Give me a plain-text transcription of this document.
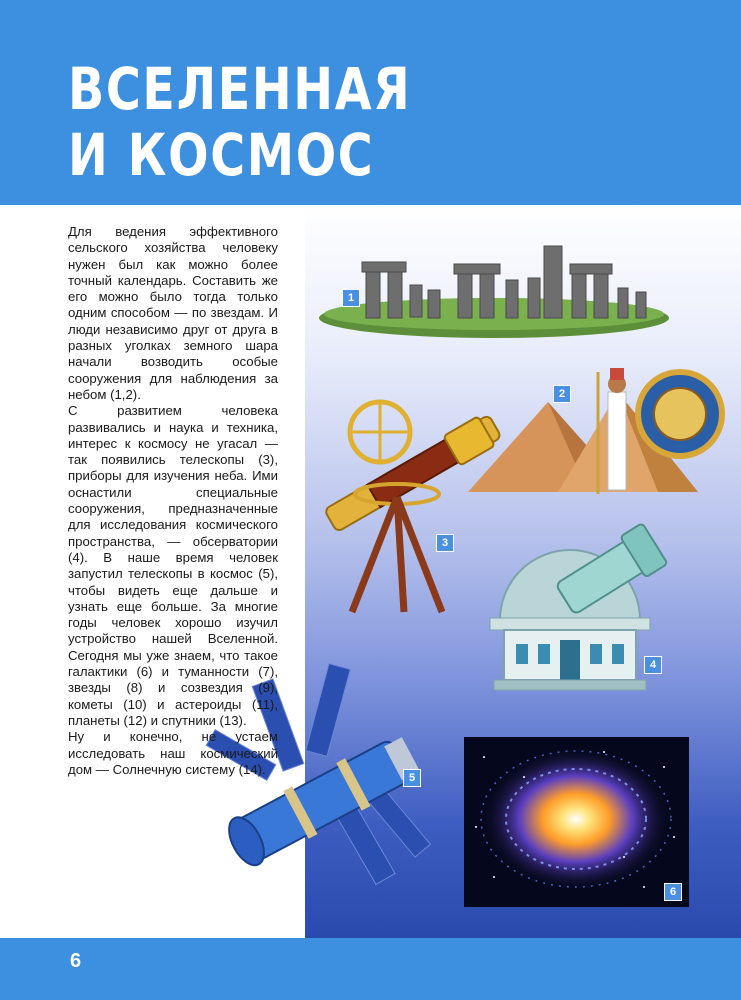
ВСЕЛЕННАЯ
И КОСМОС
1
2
3
4
5
6

Для ведения эффективного сельского хозяйства человеку нужен был как можно более точный календарь. Составить же его можно было тогда только одним способом — по звездам. И люди независимо друг от друга в разных уголках земного шара начали возводить особые сооружения для наблюдения за небом (1,2).

С развитием человека развивались и наука и техника, интерес к космосу не угасал — так появились телескопы (3), приборы для изучения неба. Ими оснастили специальные сооружения, предназначенные для исследования космического пространства, — обсерватории (4). В наше время человек запустил телескопы в космос (5), чтобы видеть еще дальше и узнать еще больше. За многие годы человек хорошо изучил устройство нашей Вселенной. Сегодня мы уже знаем, что такое галактики (6) и туманности (7), звезды (8) и созвездия (9), кометы (10) и астероиды (11), планеты (12) и спутники (13).

Ну и конечно, не устаем исследовать наш космический дом — Солнечную систему (14).

6
